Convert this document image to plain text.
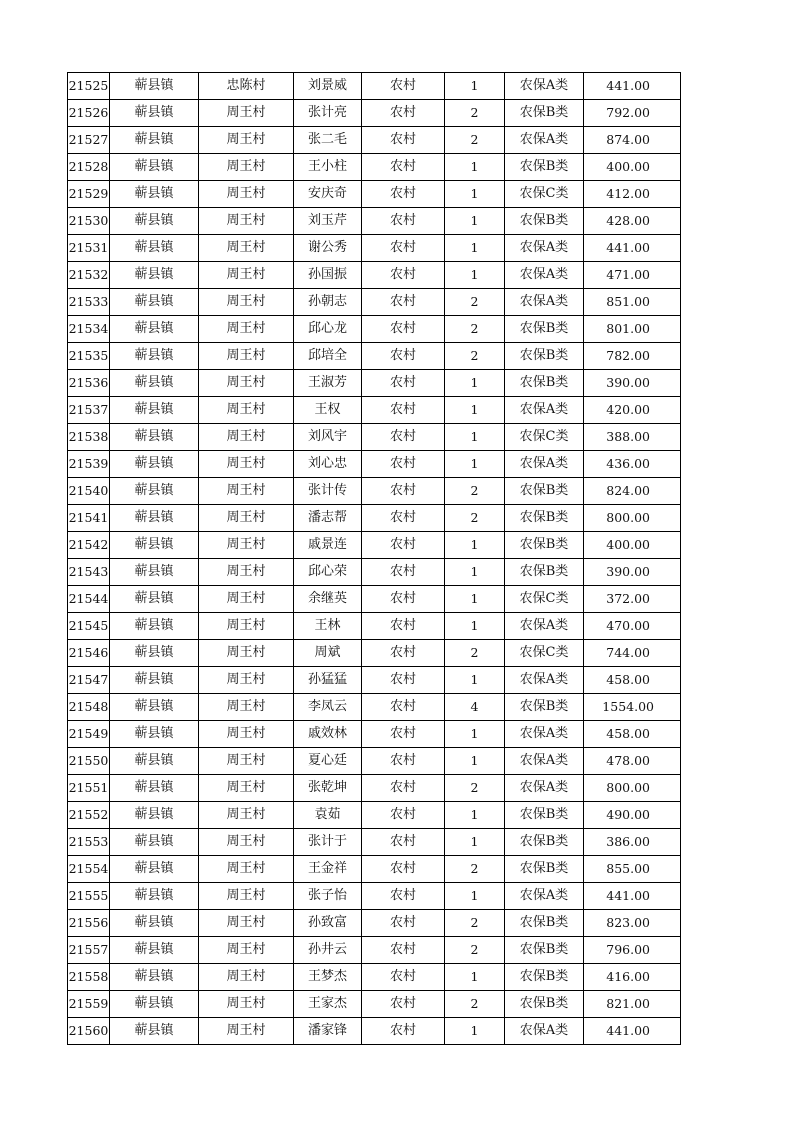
21525	蕲县镇	忠陈村	刘景威	农村	1	农保A类	441.00
21526	蕲县镇	周王村	张计亮	农村	2	农保B类	792.00
21527	蕲县镇	周王村	张二毛	农村	2	农保A类	874.00
21528	蕲县镇	周王村	王小柱	农村	1	农保B类	400.00
21529	蕲县镇	周王村	安庆奇	农村	1	农保C类	412.00
21530	蕲县镇	周王村	刘玉芹	农村	1	农保B类	428.00
21531	蕲县镇	周王村	谢公秀	农村	1	农保A类	441.00
21532	蕲县镇	周王村	孙国振	农村	1	农保A类	471.00
21533	蕲县镇	周王村	孙朝志	农村	2	农保A类	851.00
21534	蕲县镇	周王村	邱心龙	农村	2	农保B类	801.00
21535	蕲县镇	周王村	邱培全	农村	2	农保B类	782.00
21536	蕲县镇	周王村	王淑芳	农村	1	农保B类	390.00
21537	蕲县镇	周王村	王权	农村	1	农保A类	420.00
21538	蕲县镇	周王村	刘风宇	农村	1	农保C类	388.00
21539	蕲县镇	周王村	刘心忠	农村	1	农保A类	436.00
21540	蕲县镇	周王村	张计传	农村	2	农保B类	824.00
21541	蕲县镇	周王村	潘志帮	农村	2	农保B类	800.00
21542	蕲县镇	周王村	戚景连	农村	1	农保B类	400.00
21543	蕲县镇	周王村	邱心荣	农村	1	农保B类	390.00
21544	蕲县镇	周王村	余继英	农村	1	农保C类	372.00
21545	蕲县镇	周王村	王林	农村	1	农保A类	470.00
21546	蕲县镇	周王村	周斌	农村	2	农保C类	744.00
21547	蕲县镇	周王村	孙猛猛	农村	1	农保A类	458.00
21548	蕲县镇	周王村	李凤云	农村	4	农保B类	1554.00
21549	蕲县镇	周王村	戚效林	农村	1	农保A类	458.00
21550	蕲县镇	周王村	夏心廷	农村	1	农保A类	478.00
21551	蕲县镇	周王村	张乾坤	农村	2	农保A类	800.00
21552	蕲县镇	周王村	袁茹	农村	1	农保B类	490.00
21553	蕲县镇	周王村	张计于	农村	1	农保B类	386.00
21554	蕲县镇	周王村	王金祥	农村	2	农保B类	855.00
21555	蕲县镇	周王村	张子怡	农村	1	农保A类	441.00
21556	蕲县镇	周王村	孙致富	农村	2	农保B类	823.00
21557	蕲县镇	周王村	孙井云	农村	2	农保B类	796.00
21558	蕲县镇	周王村	王梦杰	农村	1	农保B类	416.00
21559	蕲县镇	周王村	王家杰	农村	2	农保B类	821.00
21560	蕲县镇	周王村	潘家锋	农村	1	农保A类	441.00
